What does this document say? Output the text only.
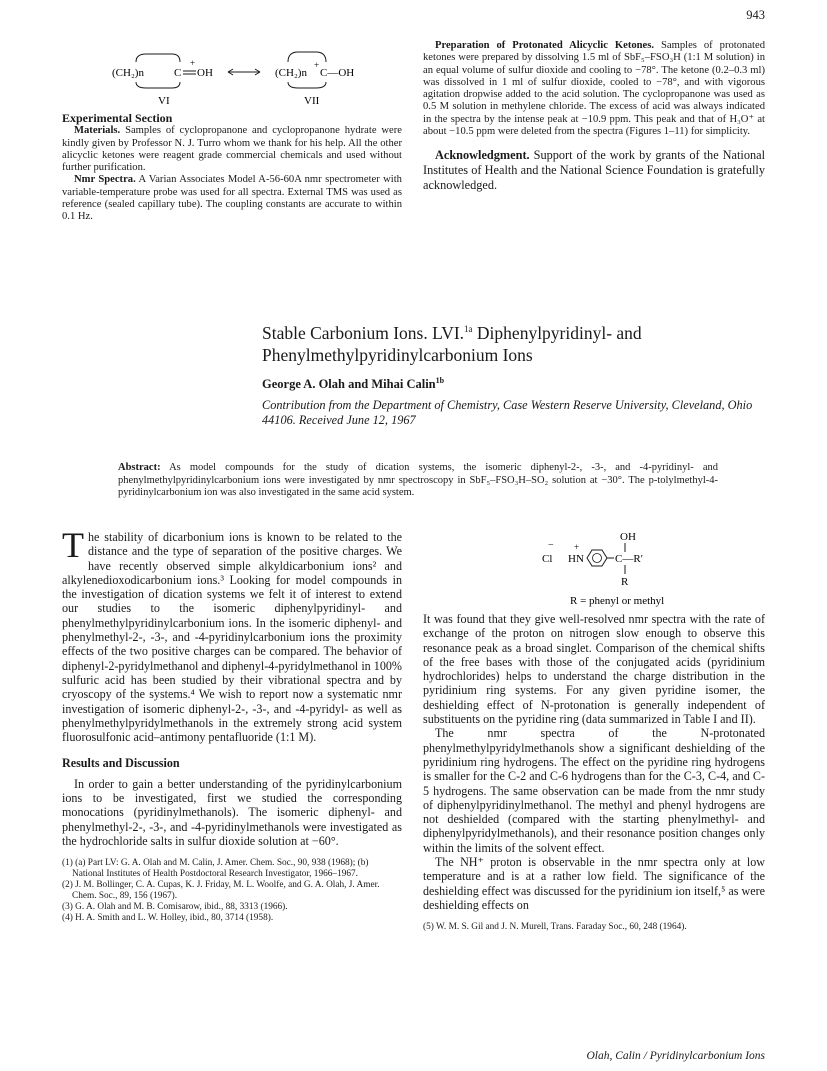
943
(CH₂)n	C
+
OH	(CH₂)n
+
C—OH
VI	VII
Experimental Section

Materials. Samples of cyclopropanone and cyclopropanone hydrate were kindly given by Professor N. J. Turro whom we thank for his help. All the other alicyclic ketones were reagent grade commercial chemicals and used without further purification.

Nmr Spectra. A Varian Associates Model A-56-60A nmr spectrometer with variable-temperature probe was used for all spectra. External TMS was used as reference (sealed capillary tube). The coupling constants are accurate to within 0.1 Hz.

Preparation of Protonated Alicyclic Ketones. Samples of protonated ketones were prepared by dissolving 1.5 ml of SbF₅–FSO₃H (1:1 M solution) in an equal volume of sulfur dioxide and cooling to −78°. The ketone (0.2–0.3 ml) was dissolved in 1 ml of sulfur dioxide, cooled to −78°, and with vigorous agitation dropwise added to the acid solution. The cyclopropanone was used as 0.5 M solution in methylene chloride. The excess of acid was always indicated in the spectra by the intense peak at −10.9 ppm. This peak and that of H₃O⁺ at about −10.5 ppm were deleted from the spectra (Figures 1–11) for simplicity.

Acknowledgment. Support of the work by grants of the National Institutes of Health and the National Science Foundation is gratefully acknowledged.

Stable Carbonium Ions. LVI.$^{1a}$ Diphenylpyridinyl- and
Phenylmethylpyridinylcarbonium Ions
George A. Olah and Mihai Calin$^{1b}$
Contribution from the Department of Chemistry, Case Western Reserve University, Cleveland, Ohio 44106. Received June 12, 1967
Abstract: As model compounds for the study of dication systems, the isomeric diphenyl-2-, -3-, and -4-pyridinyl- and phenylmethylpyridinylcarbonium ions were investigated by nmr spectroscopy in SbF₅–FSO₃H–SO₂ solution at −30°. The p-tolylmethyl-4-pyridinylcarbonium ion was also investigated in the same acid system.

The stability of dicarbonium ions is known to be related to the distance and the type of separation of the positive charges. We have recently observed simple alkyldicarbonium ions² and alkylenedioxodicarbonium ions.³ Looking for model compounds in the investigation of dication systems we felt it of interest to extend our studies to the isomeric diphenylpyridinyl- and phenylmethylpyridinylcarbonium ions. In the isomeric diphenyl- and phenylmethyl-2-, -3-, and -4-pyridinylcarbonium ions the proximity effects of the two positive charges can be compared. The behavior of diphenyl-2-pyridylmethanol and diphenyl-4-pyridylmethanol in 100% sulfuric acid has been studied by their vibrational spectra and by cryoscopy of the systems.⁴ We wish to report now a systematic nmr investigation of isomeric diphenyl-2-, -3-, and -4-pyridyl- as well as phenylmethylpyridylmethanols in the extremely strong acid system fluorosulfonic acid–antimony pentafluoride (1:1 M).

Results and Discussion

In order to gain a better understanding of the pyridinylcarbonium ions to be investigated, first we studied the corresponding monocations (pyridinylmethanols). The isomeric diphenyl- and phenylmethyl-2-, -3-, and -4-pyridinylmethanols were investigated as the hydrochloride salts in sulfur dioxide solution at −60°.

(1) (a) Part LV: G. A. Olah and M. Calin, J. Amer. Chem. Soc., 90, 938 (1968); (b) National Institutes of Health Postdoctoral Research Investigator, 1966–1967.
(2) J. M. Bollinger, C. A. Cupas, K. J. Friday, M. L. Woolfe, and G. A. Olah, J. Amer. Chem. Soc., 89, 156 (1967).
(3) G. A. Olah and M. B. Comisarow, ibid., 88, 3313 (1966).
(4) H. A. Smith and L. W. Holley, ibid., 80, 3714 (1958).
− +
Cl HN
OH
C—R′
R
R = phenyl or methyl

It was found that they give well-resolved nmr spectra with the rate of exchange of the proton on nitrogen slow enough to observe this resonance peak as a broad singlet. Comparison of the chemical shifts of the free bases with those of the conjugated acids (pyridinium hydrochlorides) helps to understand the charge distribution in the pyridinium ring systems. For any given pyridine isomer, the deshielding effect of N-protonation is generally independent of substituents on the pyridine ring (data summarized in Table I and II).

The nmr spectra of the N-protonated phenylmethylpyridylmethanols show a significant deshielding of the pyridinium ring hydrogens. The effect on the pyridine ring hydrogens is smaller for the C-2 and C-6 hydrogens than for the C-3, C-4, and C-5 hydrogens. The same observation can be made from the nmr study of diphenylpyridinylmethanol. The methyl and phenyl hydrogens are not deshielded (compared with the starting phenylmethyl- and diphenylpyridylmethanols), and their resonance position changes only within the limits of the solvent effect.

The NH⁺ proton is observable in the nmr spectra only at low temperature and is at a rather low field. The significance of the deshielding effect was discussed for the pyridinium ion itself,⁵ as were deshielding effects on

(5) W. M. S. Gil and J. N. Murell, Trans. Faraday Soc., 60, 248 (1964).
Olah, Calin / Pyridinylcarbonium Ions
